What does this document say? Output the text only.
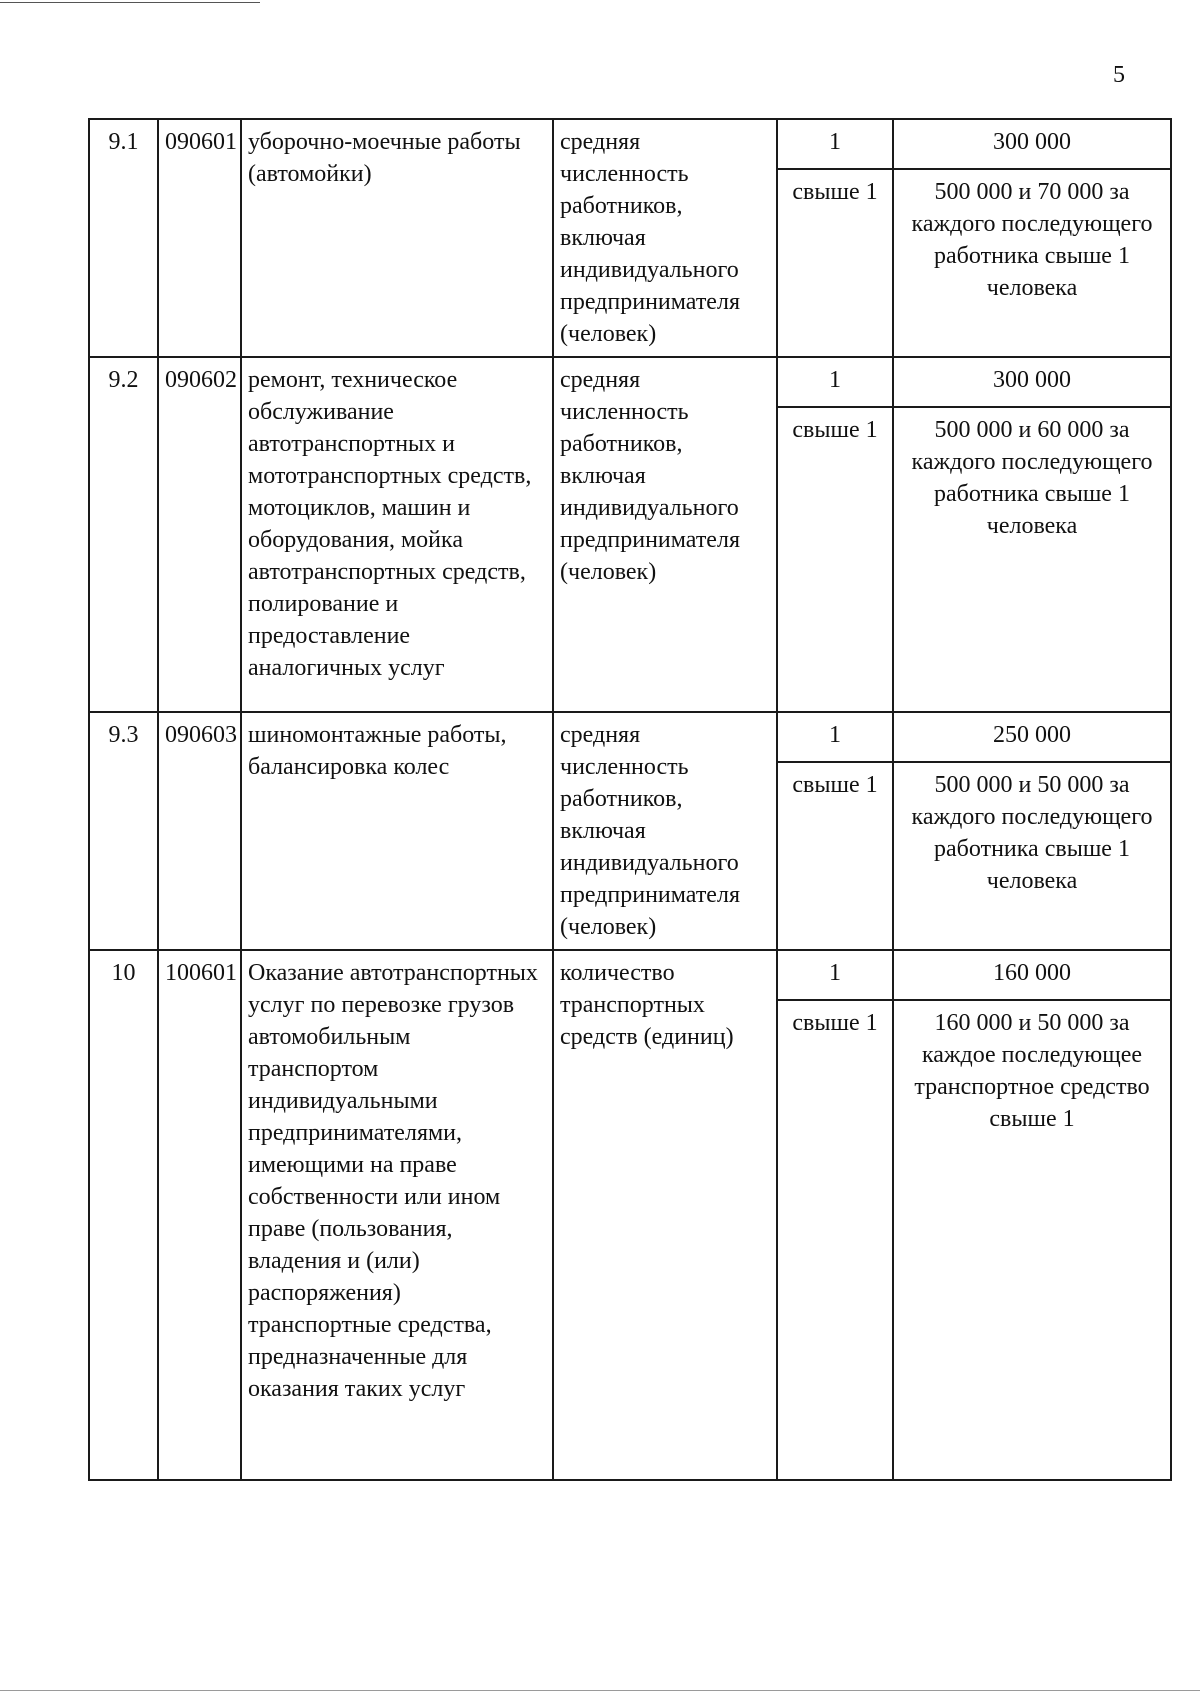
5
9.1	090601	уборочно-моечные работы (автомойки)	средняя численность работников, включая индивидуального предпринимателя (человек)	1	300 000
				свыше 1	500 000 и 70 000 за каждого последующего работника свыше 1 человека
9.2	090602	ремонт, техническое обслуживание автотранспортных и мототранспортных средств, мотоциклов, машин и оборудования, мойка автотранспортных средств, полирование и предоставление аналогичных услуг	средняя численность работников, включая индивидуального предпринимателя (человек)	1	300 000
				свыше 1	500 000 и 60 000 за каждого последующего работника свыше 1 человека
9.3	090603	шиномонтажные работы, балансировка колес	средняя численность работников, включая индивидуального предпринимателя (человек)	1	250 000
				свыше 1	500 000 и 50 000 за каждого последующего работника свыше 1 человека
10	100601	Оказание автотранспортных услуг по перевозке грузов автомобильным транспортом индивидуальными предпринимателями, имеющими на праве собственности или ином праве (пользования, владения и (или) распоряжения) транспортные средства, предназначенные для оказания таких услуг	количество транспортных средств (единиц)	1	160 000
				свыше 1	160 000 и 50 000 за каждое последующее транспортное средство свыше 1
